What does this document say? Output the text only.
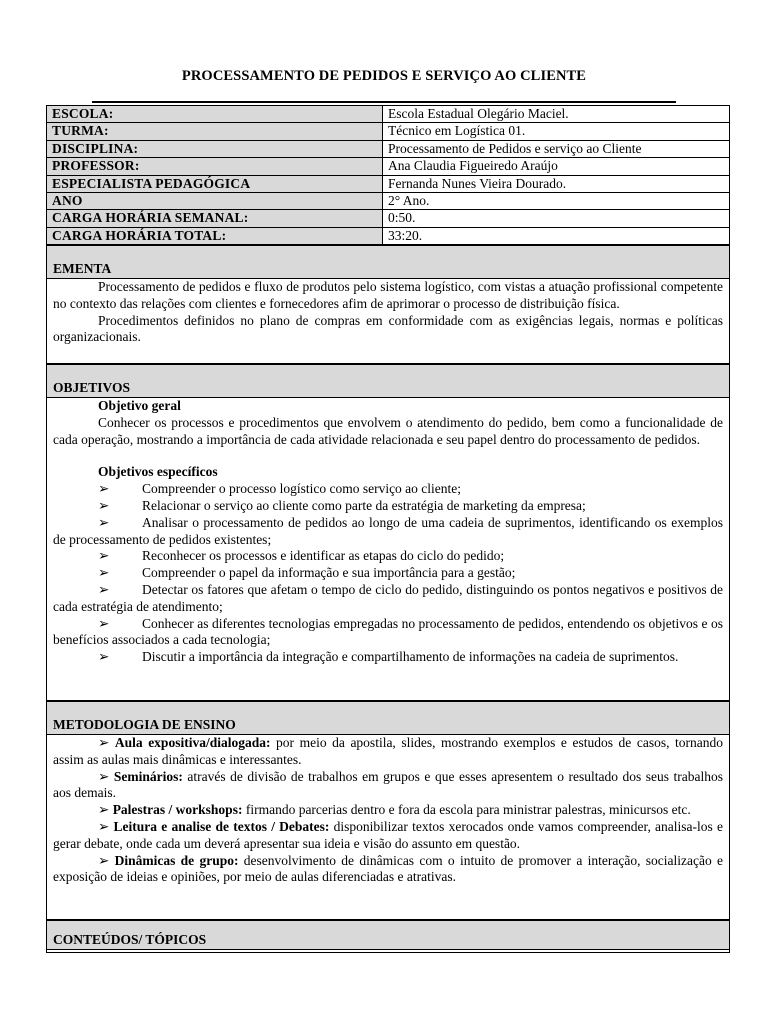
PROCESSAMENTO DE PEDIDOS E SERVIÇO AO CLIENTE
ESCOLA:	Escola Estadual Olegário Maciel.
TURMA:	Técnico em Logística 01.
DISCIPLINA:	Processamento de Pedidos e serviço ao Cliente
PROFESSOR:	Ana Claudia Figueiredo Araújo
ESPECIALISTA PEDAGÓGICA	Fernanda Nunes Vieira Dourado.
ANO	2° Ano.
CARGA HORÁRIA SEMANAL:	0:50.
CARGA HORÁRIA TOTAL:	33:20.
EMENTA

Processamento de pedidos e fluxo de produtos pelo sistema logístico, com vistas a atuação profissional competente no contexto das relações com clientes e fornecedores afim de aprimorar o processo de distribuição física.

Procedimentos definidos no plano de compras em conformidade com as exigências legais, normas e políticas organizacionais.

OBJETIVOS

Objetivo geral

Conhecer os processos e procedimentos que envolvem o atendimento do pedido, bem como a funcionalidade de cada operação, mostrando a importância de cada atividade relacionada e seu papel dentro do processamento de pedidos.

Objetivos específicos

➢ Compreender o processo logístico como serviço ao cliente;

➢ Relacionar o serviço ao cliente como parte da estratégia de marketing da empresa;

➢ Analisar o processamento de pedidos ao longo de uma cadeia de suprimentos, identificando os exemplos de processamento de pedidos existentes;

➢ Reconhecer os processos e identificar as etapas do ciclo do pedido;

➢ Compreender o papel da informação e sua importância para a gestão;

➢ Detectar os fatores que afetam o tempo de ciclo do pedido, distinguindo os pontos negativos e positivos de cada estratégia de atendimento;

➢ Conhecer as diferentes tecnologias empregadas no processamento de pedidos, entendendo os objetivos e os benefícios associados a cada tecnologia;

➢ Discutir a importância da integração e compartilhamento de informações na cadeia de suprimentos.

METODOLOGIA DE ENSINO

➢ Aula expositiva/dialogada: por meio da apostila, slides, mostrando exemplos e estudos de casos, tornando assim as aulas mais dinâmicas e interessantes.

➢ Seminários: através de divisão de trabalhos em grupos e que esses apresentem o resultado dos seus trabalhos aos demais.

➢ Palestras / workshops: firmando parcerias dentro e fora da escola para ministrar palestras, minicursos etc.

➢ Leitura e analise de textos / Debates: disponibilizar textos xerocados onde vamos compreender, analisa-los e gerar debate, onde cada um deverá apresentar sua ideia e visão do assunto em questão.

➢ Dinâmicas de grupo: desenvolvimento de dinâmicas com o intuito de promover a interação, socialização e exposição de ideias e opiniões, por meio de aulas diferenciadas e atrativas.

CONTEÚDOS/ TÓPICOS
